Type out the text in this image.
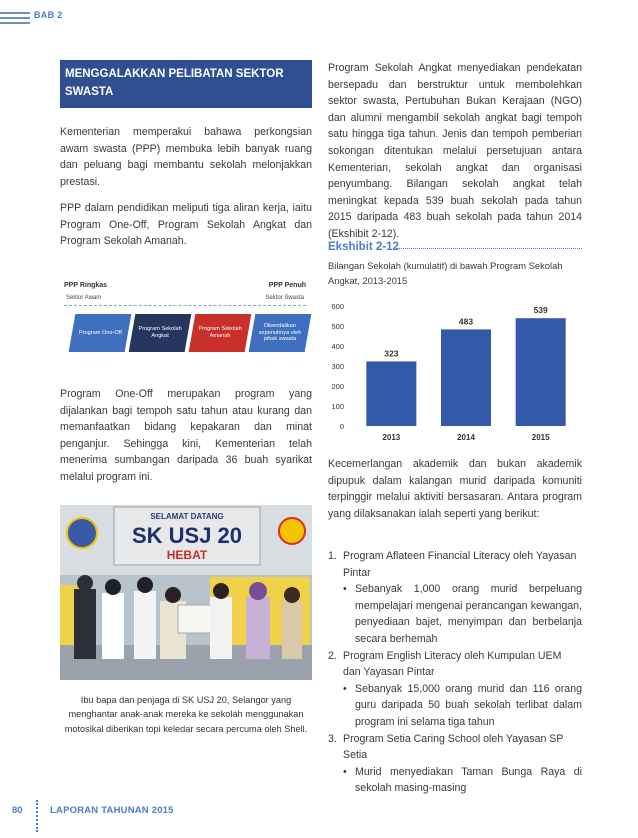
BAB 2
MENGGALAKKAN PELIBATAN SEKTOR SWASTA

Kementerian memperakui bahawa perkongsian awam swasta (PPP) membuka lebih banyak ruang dan peluang bagi membantu sekolah melonjakkan prestasi.

PPP dalam pendidikan meliputi tiga aliran kerja, iaitu Program One-Off, Program Sekolah Angkat dan Program Sekolah Amanah.

Program One-Off merupakan program yang dijalankan bagi tempoh satu tahun atau kurang dan memanfaatkan bidang kepakaran dan minat penganjur. Sehingga kini, Kementerian telah menerima sumbangan daripada 36 buah syarikat melalui program ini.

PPP Ringkas	PPP Penuh
Sektor Awam	Sektor Swasta
Program One-Off
Program Sekolah Angkat
Program Sekolah Amanah
Dikendalikan sepenuhnya oleh pihak swasta
SELAMAT DATANG
SK USJ 20
HEBAT
Ibu bapa dan penjaga di SK USJ 20, Selangor yang menghantar anak-anak mereka ke sekolah menggunakan motosikal diberikan topi keledar secara percuma oleh Shell.

Program Sekolah Angkat menyediakan pendekatan bersepadu dan berstruktur untuk membolehkan sektor swasta, Pertubuhan Bukan Kerajaan (NGO) dan alumni mengambil sekolah angkat bagi tempoh satu hingga tiga tahun. Jenis dan tempoh pemberian sokongan ditentukan melalui persetujuan antara Kementerian, sekolah angkat dan organisasi penyumbang. Bilangan sekolah angkat telah meningkat kepada 539 buah sekolah pada tahun 2015 daripada 483 buah sekolah pada tahun 2014 (Ekshibit 2-12).

Kecemerlangan akademik dan bukan akademik dipupuk dalam kalangan murid daripada komuniti terpinggir melalui aktiviti bersasaran. Antara program yang dilaksanakan ialah seperti yang berikut:

Ekshibit 2-12
Bilangan Sekolah (kumulatif) di bawah Program Sekolah Angkat, 2013-2015
0
100
200
300
400
500
600
323
2013
483
2014
539
2015
1. Program Aflateen Financial Literacy oleh Yayasan Pintar
• Sebanyak 1,000 orang murid berpeluang mempelajari mengenai perancangan kewangan, penyediaan bajet, menyimpan dan berbelanja secara berhemah
2. Program English Literacy oleh Kumpulan UEM dan Yayasan Pintar
• Sebanyak 15,000 orang murid dan 116 orang guru daripada 50 buah sekolah terlibat dalam program ini selama tiga tahun
3. Program Setia Caring School oleh Yayasan SP Setia
• Murid menyediakan Taman Bunga Raya di sekolah masing-masing
80	LAPORAN TAHUNAN 2015
